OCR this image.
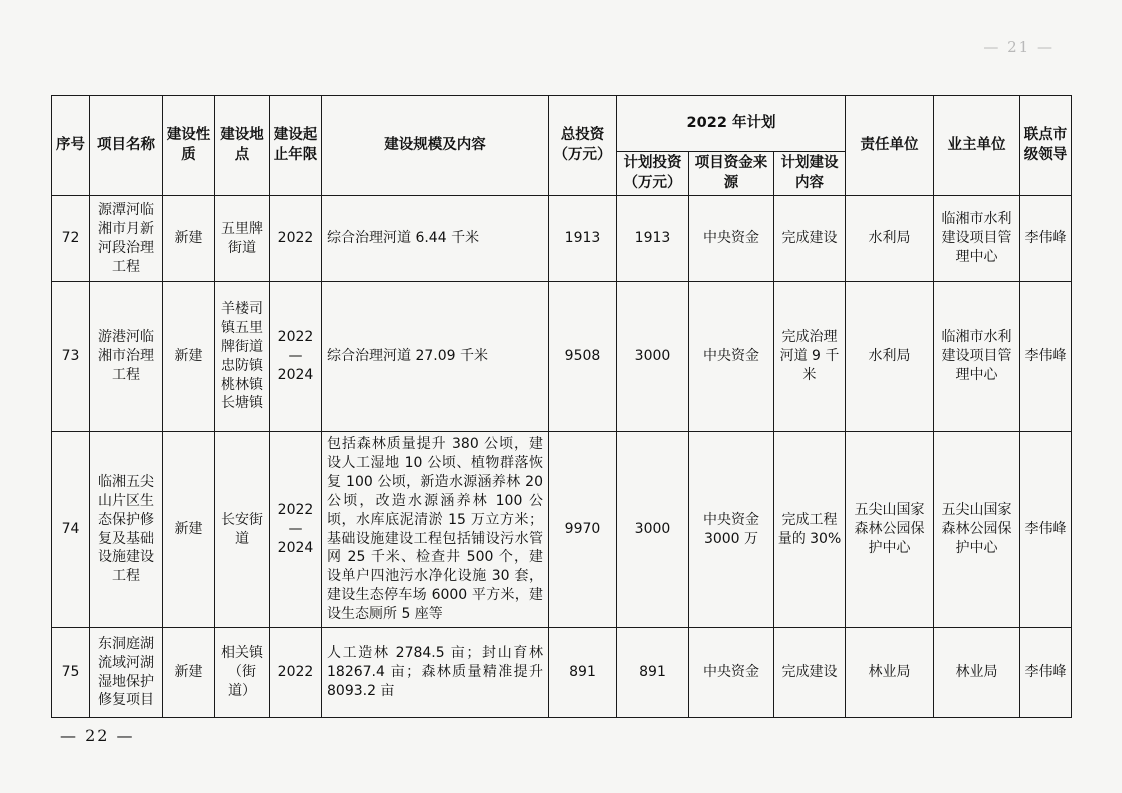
— 21 —
序号	项目名称	建设性质	建设地点	建设起止年限	建设规模及内容	总投资（万元）	2022 年计划			责任单位	业主单位	联点市级领导
							计划投资（万元）	项目资金来源	计划建设内容			
72	源潭河临湘市月新河段治理工程	新建	五里牌街道	2022	综合治理河道 6.44 千米	1913	1913	中央资金	完成建设	水利局	临湘市水利建设项目管理中心	李伟峰
73	游港河临湘市治理工程	新建	羊楼司镇五里牌街道忠防镇桃林镇长塘镇	2022—2024	综合治理河道 27.09 千米	9508	3000	中央资金	完成治理河道 9 千米	水利局	临湘市水利建设项目管理中心	李伟峰
74	临湘五尖山片区生态保护修复及基础设施建设工程	新建	长安街道	2022—2024	包括森林质量提升 380 公顷，建设人工湿地 10 公顷、植物群落恢复 100 公顷，新造水源涵养林 20 公顷，改造水源涵养林 100 公顷，水库底泥清淤 15 万立方米；基础设施建设工程包括铺设污水管网 25 千米、检查井 500 个，建设单户四池污水净化设施 30 套，建设生态停车场 6000 平方米，建设生态厕所 5 座等	9970	3000	中央资金 3000 万	完成工程量的 30%	五尖山国家森林公园保护中心	五尖山国家森林公园保护中心	李伟峰
75	东洞庭湖流域河湖湿地保护修复项目	新建	相关镇（街道）	2022	人工造林 2784.5 亩；封山育林 18267.4 亩；森林质量精准提升 8093.2 亩	891	891	中央资金	完成建设	林业局	林业局	李伟峰
— 22 —
